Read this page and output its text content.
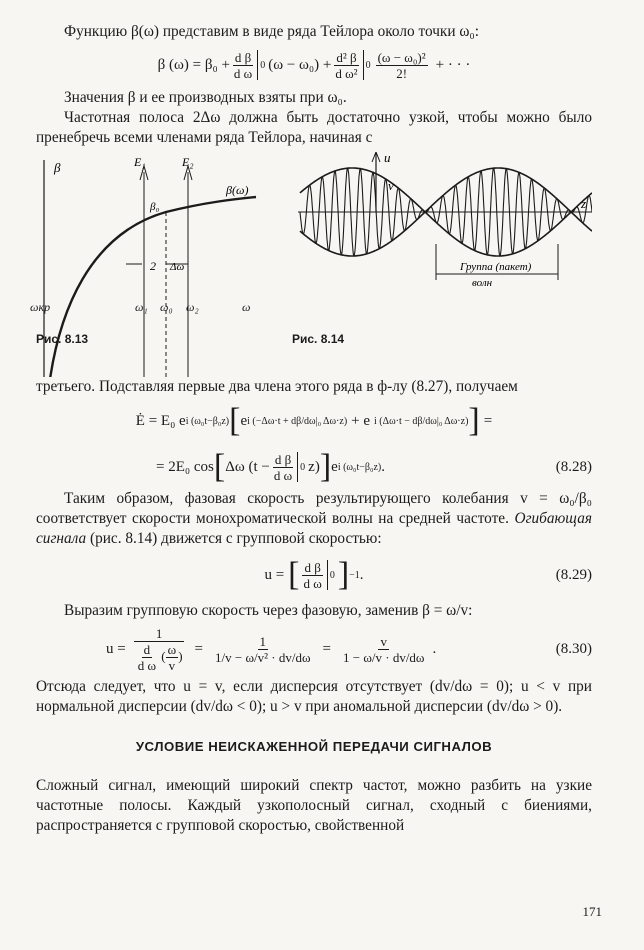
Функцию β(ω) представим в виде ряда Тейлора около точки ω₀:

β $(\omega) = \beta_0 + \frac{\text{d β}}{\text{d ω}} 0$ $(\omega - \omega_0) + \frac{\text{d² β}}{\text{d ω²}} 0 \frac{\text{(ω − ω₀)²}}{2!}$ + · · ·

Значения β и ее производных взяты при ω₀.

Частотная полоса 2Δω должна быть достаточно узкой, чтобы можно было пренебречь всеми членами ряда Тейлора, начиная с

β
β(ω)
E₁	E₂
β₀
2 Δω
u
v
z
Группа (пакет)
волн
ωкр	ω₁ ω₀ ω₂	ω
Рис. 8.13	Рис. 8.14

третьего. Подставляя первые два члена этого ряда в ф-лу (8.27), получаем

Ė = E₀ e i (ω₀t−β₀z) [ e i (−Δω·t + dβ/dω|₀ Δω·z) + e i (Δω·t − dβ/dω|₀ Δω·z) ] =
= 2E₀ cos [ Δω ($t - \frac{\text{d β}}{\text{d ω}} 0$ z) ] e i (ω₀t−β₀z) .	(8.28)

Таким образом, фазовая скорость результирующего колебания v = ω₀/β₀ соответствует скорости монохроматической волны на средней частоте. Огибающая сигнала (рис. 8.14) движется с групповой скоростью:

u = [ $\frac{\text{d β}}{\text{d ω}} 0$ ] −1 .	(8.29)

Выразим групповую скорость через фазовую, заменив β = ω/v:

$u = \frac{1}{\frac{d}{\text{d ω}} ( \frac{\omega}{v} )} = \frac{1}{\text{1/v − ω/v² · dv/dω}} = \frac{v}{1 - \omega/v \cdot dv/d\omega}$ .	(8.30)

Отсюда следует, что u = v, если дисперсия отсутствует (dv/dω = 0); u < v при нормальной дисперсии (dv/dω < 0); u > v при аномальной дисперсии (dv/dω > 0).

УСЛОВИЕ НЕИСКАЖЕННОЙ ПЕРЕДАЧИ СИГНАЛОВ

Сложный сигнал, имеющий широкий спектр частот, можно разбить на узкие частотные полосы. Каждый узкополосный сигнал, сходный с биениями, распространяется с групповой скоростью, свойственной

171
